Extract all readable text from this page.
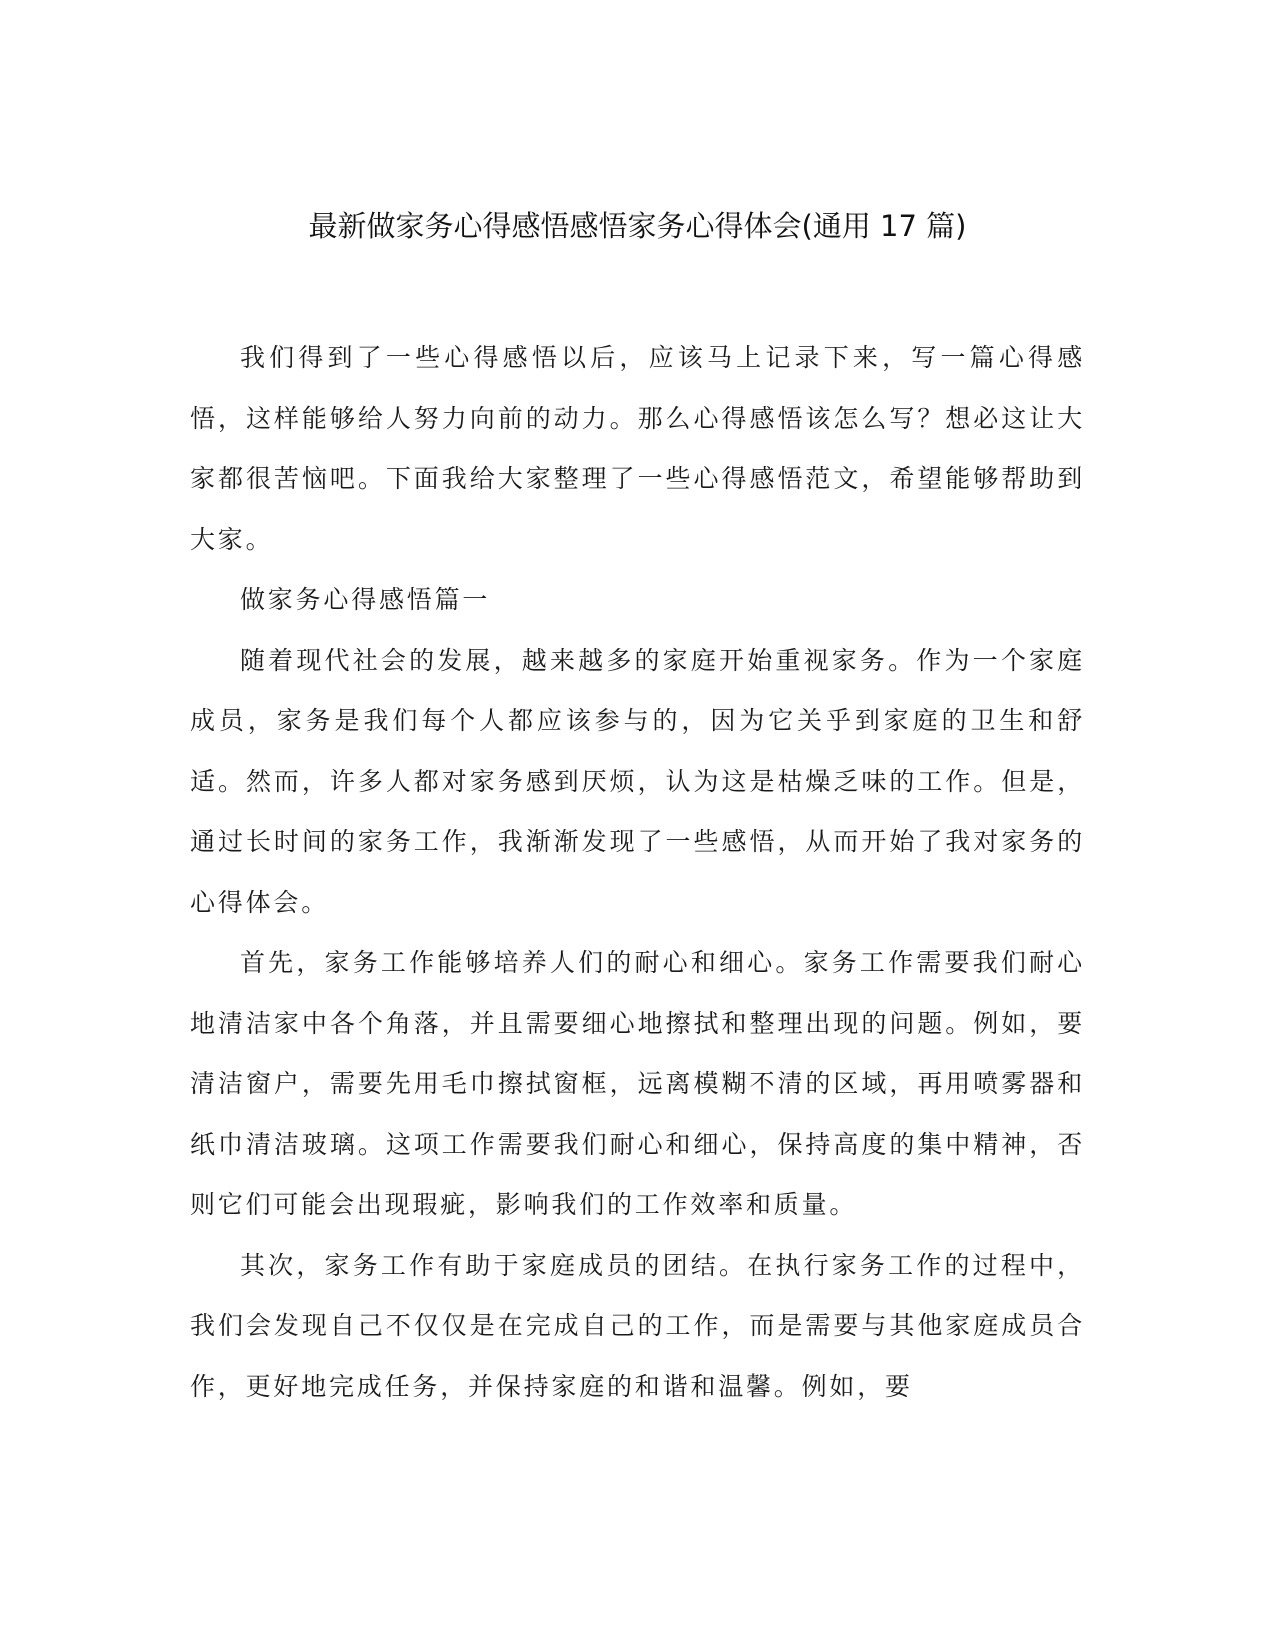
最新做家务心得感悟感悟家务心得体会(通用 17 篇)

我们得到了一些心得感悟以后，应该马上记录下来，写一篇心得感悟，这样能够给人努力向前的动力。那么心得感悟该怎么写？想必这让大家都很苦恼吧。下面我给大家整理了一些心得感悟范文，希望能够帮助到大家。

做家务心得感悟篇一

随着现代社会的发展，越来越多的家庭开始重视家务。作为一个家庭成员，家务是我们每个人都应该参与的，因为它关乎到家庭的卫生和舒适。然而，许多人都对家务感到厌烦，认为这是枯燥乏味的工作。但是，通过长时间的家务工作，我渐渐发现了一些感悟，从而开始了我对家务的心得体会。

首先，家务工作能够培养人们的耐心和细心。家务工作需要我们耐心地清洁家中各个角落，并且需要细心地擦拭和整理出现的问题。例如，要清洁窗户，需要先用毛巾擦拭窗框，远离模糊不清的区域，再用喷雾器和纸巾清洁玻璃。这项工作需要我们耐心和细心，保持高度的集中精神，否则它们可能会出现瑕疵，影响我们的工作效率和质量。

其次，家务工作有助于家庭成员的团结。在执行家务工作的过程中，我们会发现自己不仅仅是在完成自己的工作，而是需要与其他家庭成员合作，更好地完成任务，并保持家庭的和谐和温馨。例如，要
